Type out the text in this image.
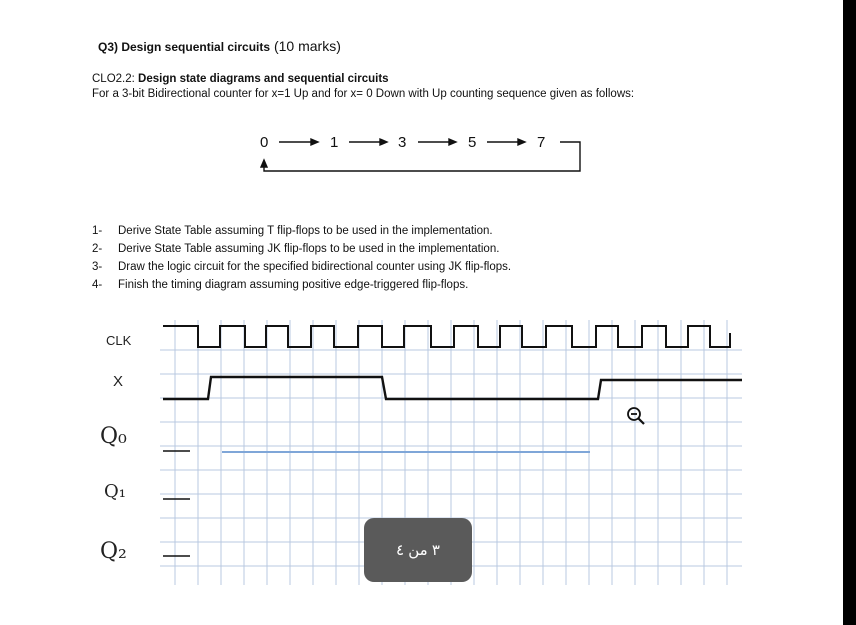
Q3) Design sequential circuits (10 marks)
CLO2.2: Design state diagrams and sequential circuits
For a 3-bit Bidirectional counter for x=1 Up and for x= 0 Down with Up counting sequence given as follows:
0	1	3	5	7
1-	Derive State Table assuming T flip-flops to be used in the implementation.
2-	Derive State Table assuming JK flip-flops to be used in the implementation.
3-	Draw the logic circuit for the specified bidirectional counter using JK flip-flops.
4-	Finish the timing diagram assuming positive edge-triggered flip-flops.
CLK
X
Q₀
Q₁
Q₂	٣ من ٤
